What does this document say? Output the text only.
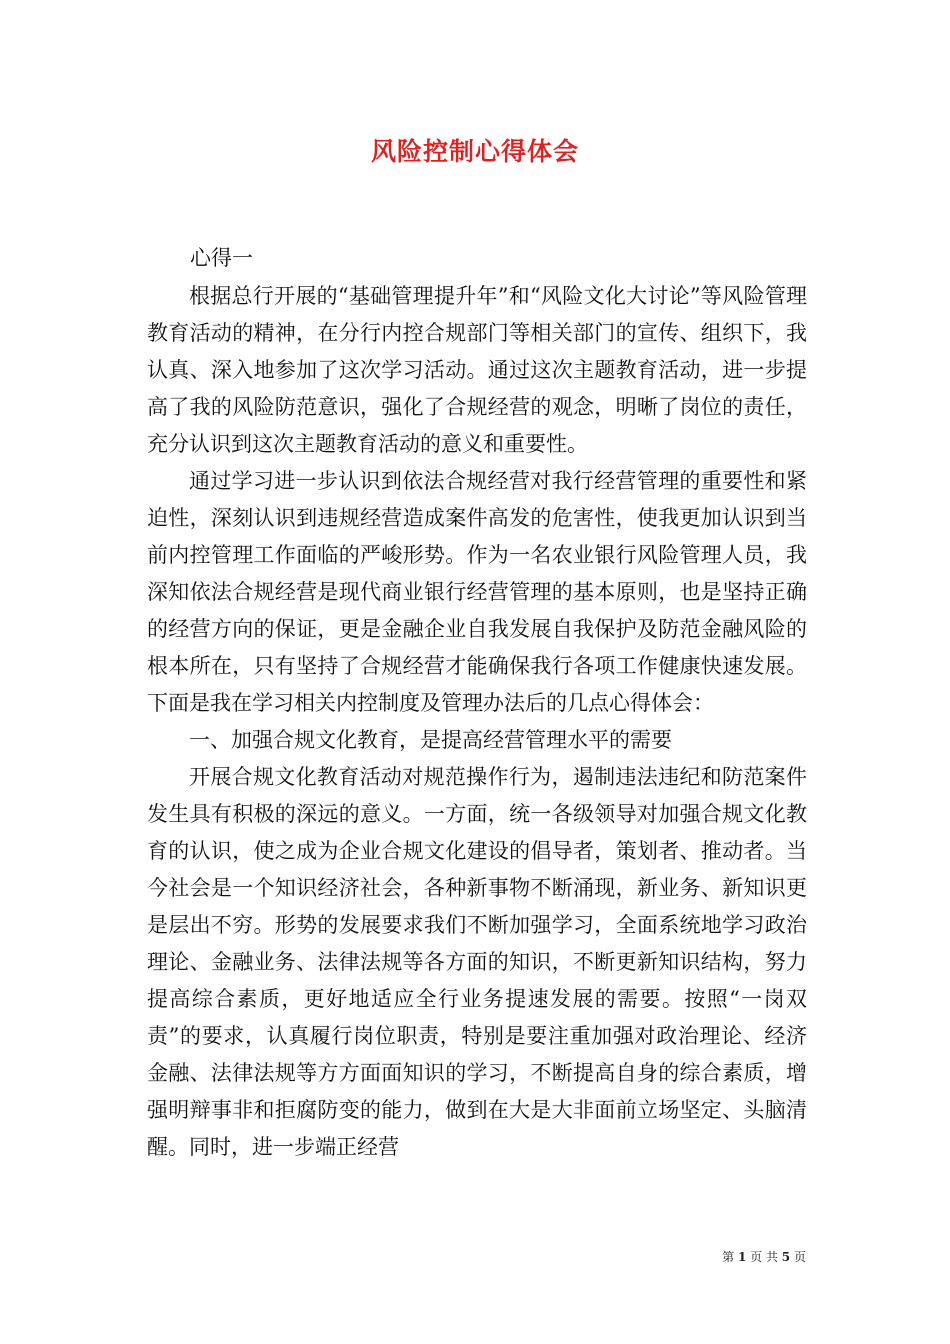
风险控制心得体会
心得一

根据总行开展的“基础管理提升年”和“风险文化大讨论”等风险管理教育活动的精神，在分行内控合规部门等相关部门的宣传、组织下，我认真、深入地参加了这次学习活动。通过这次主题教育活动，进一步提高了我的风险防范意识，强化了合规经营的观念，明晰了岗位的责任，充分认识到这次主题教育活动的意义和重要性。

通过学习进一步认识到依法合规经营对我行经营管理的重要性和紧迫性，深刻认识到违规经营造成案件高发的危害性，使我更加认识到当前内控管理工作面临的严峻形势。作为一名农业银行风险管理人员，我深知依法合规经营是现代商业银行经营管理的基本原则，也是坚持正确的经营方向的保证，更是金融企业自我发展自我保护及防范金融风险的根本所在，只有坚持了合规经营才能确保我行各项工作健康快速发展。下面是我在学习相关内控制度及管理办法后的几点心得体会：

一、加强合规文化教育，是提高经营管理水平的需要

开展合规文化教育活动对规范操作行为，遏制违法违纪和防范案件发生具有积极的深远的意义。一方面，统一各级领导对加强合规文化教育的认识，使之成为企业合规文化建设的倡导者，策划者、推动者。当今社会是一个知识经济社会，各种新事物不断涌现，新业务、新知识更是层出不穷。形势的发展要求我们不断加强学习，全面系统地学习政治理论、金融业务、法律法规等各方面的知识，不断更新知识结构，努力提高综合素质，更好地适应全行业务提速发展的需要。按照“一岗双责”的要求，认真履行岗位职责，特别是要注重加强对政治理论、经济金融、法律法规等方方面面知识的学习，不断提高自身的综合素质，增强明辩事非和拒腐防变的能力，做到在大是大非面前立场坚定、头脑清醒。同时，进一步端正经营

第 1 页 共 5 页
